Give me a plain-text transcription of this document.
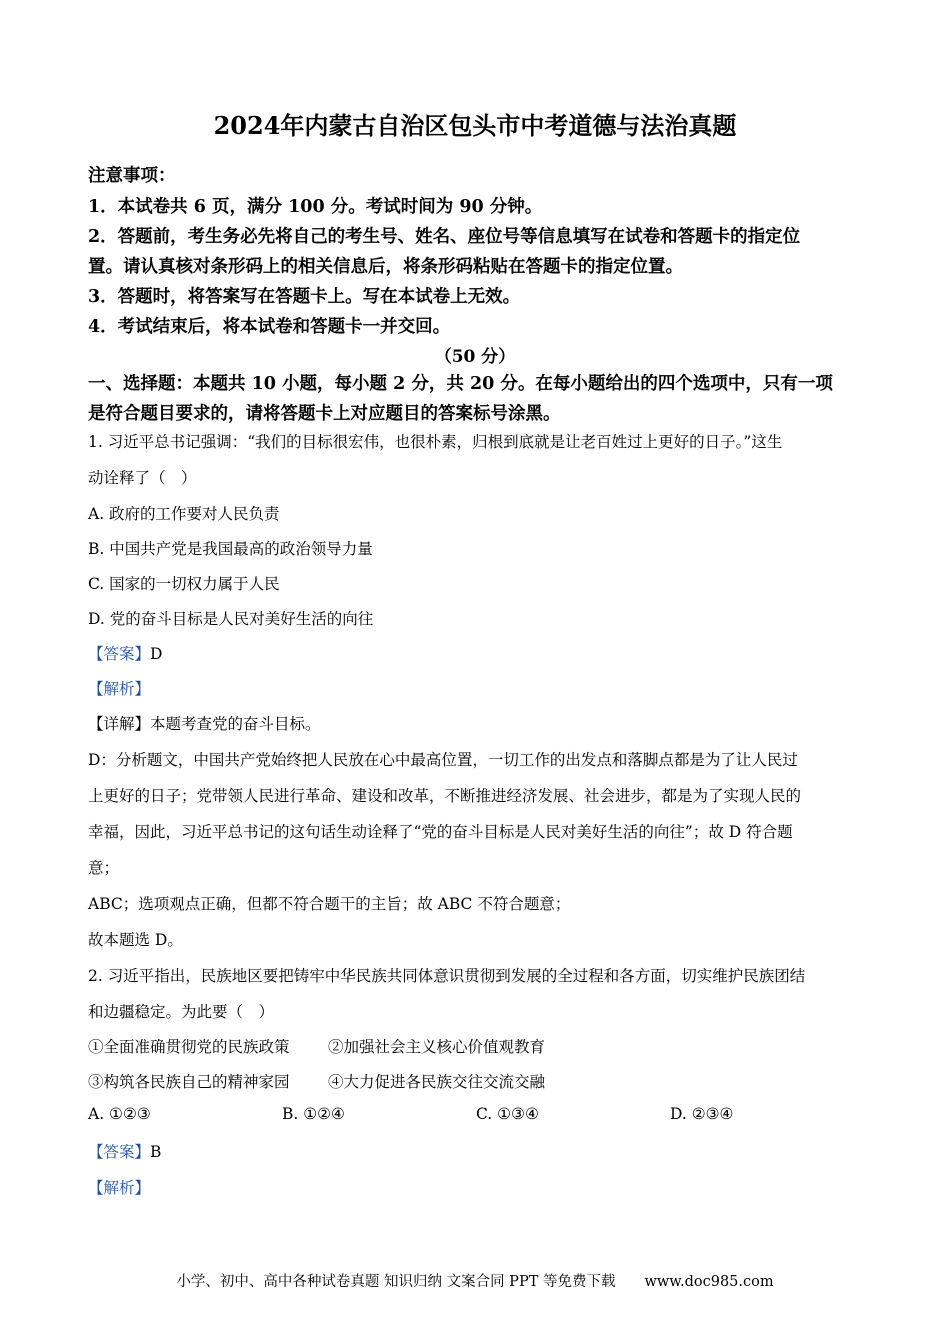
2024年内蒙古自治区包头市中考道德与法治真题
注意事项：
1．本试卷共 6 页，满分 100 分。考试时间为 90 分钟。
2．答题前，考生务必先将自己的考生号、姓名、座位号等信息填写在试卷和答题卡的指定位
置。请认真核对条形码上的相关信息后，将条形码粘贴在答题卡的指定位置。
3．答题时，将答案写在答题卡上。写在本试卷上无效。
4．考试结束后，将本试卷和答题卡一并交回。
（50 分）
一、选择题：本题共 10 小题，每小题 2 分，共 20 分。在每小题给出的四个选项中，只有一项
是符合题目要求的，请将答题卡上对应题目的答案标号涂黑。
1. 习近平总书记强调：“我们的目标很宏伟，也很朴素，归根到底就是让老百姓过上更好的日子。”这生
动诠释了（　）
A. 政府的工作要对人民负责
B. 中国共产党是我国最高的政治领导力量
C. 国家的一切权力属于人民
D. 党的奋斗目标是人民对美好生活的向往
【答案】D
【解析】
【详解】本题考查党的奋斗目标。
D：分析题文，中国共产党始终把人民放在心中最高位置，一切工作的出发点和落脚点都是为了让人民过
上更好的日子；党带领人民进行革命、建设和改革，不断推进经济发展、社会进步，都是为了实现人民的
幸福，因此，习近平总书记的这句话生动诠释了“党的奋斗目标是人民对美好生活的向往”；故 D 符合题
意；
ABC；选项观点正确，但都不符合题干的主旨；故 ABC 不符合题意；
故本题选 D。
2. 习近平指出，民族地区要把铸牢中华民族共同体意识贯彻到发展的全过程和各方面，切实维护民族团结
和边疆稳定。为此要（　）
①全面准确贯彻党的民族政策 ②加强社会主义核心价值观教育
③构筑各民族自己的精神家园 ④大力促进各民族交往交流交融
A. ①②③	B. ①②④	C. ①③④	D. ②③④
【答案】B
【解析】
小学、初中、高中各种试卷真题 知识归纳 文案合同 PPT 等免费下载　　www.doc985.com
